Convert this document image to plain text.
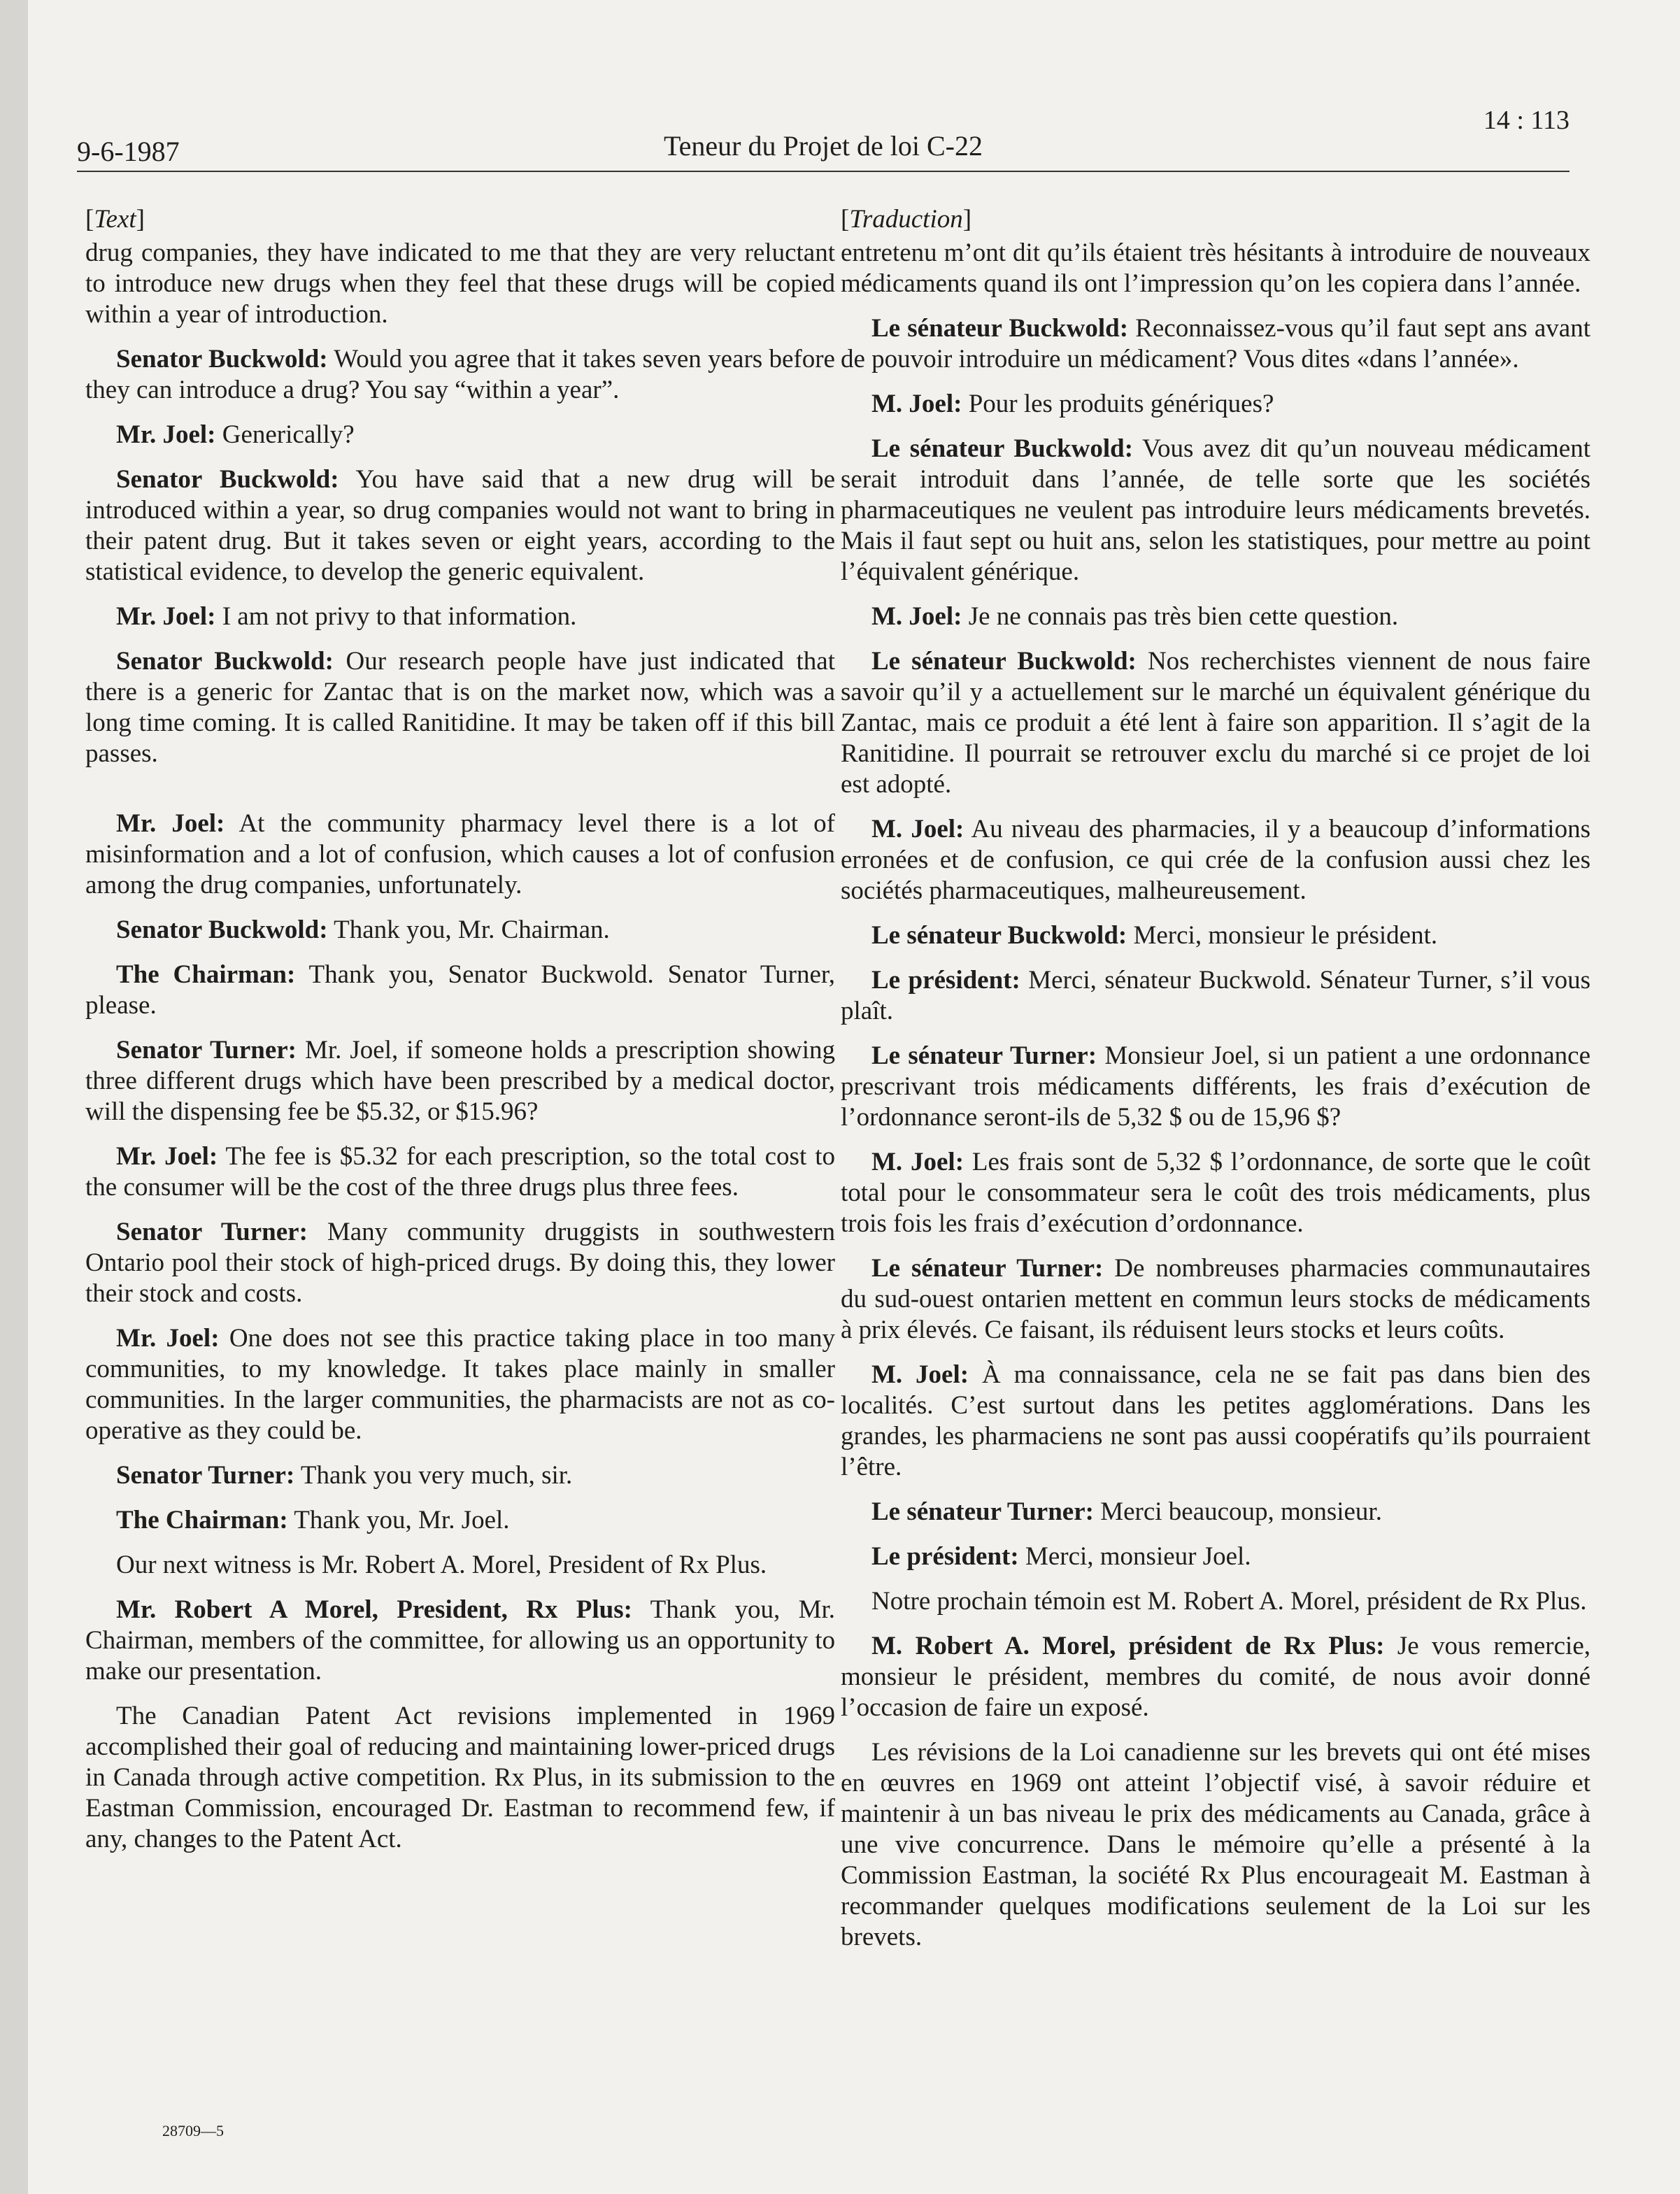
9-6-1987	Teneur du Projet de loi C-22
14 : 113
[Text]

drug companies, they have indicated to me that they are very reluctant to introduce new drugs when they feel that these drugs will be copied within a year of introduction.

Senator Buckwold: Would you agree that it takes seven years before they can introduce a drug? You say “within a year”.

Mr. Joel: Generically?

Senator Buckwold: You have said that a new drug will be introduced within a year, so drug companies would not want to bring in their patent drug. But it takes seven or eight years, according to the statistical evidence, to develop the generic equivalent.

Mr. Joel: I am not privy to that information.

Senator Buckwold: Our research people have just indicated that there is a generic for Zantac that is on the market now, which was a long time coming. It is called Ranitidine. It may be taken off if this bill passes.

Mr. Joel: At the community pharmacy level there is a lot of misinformation and a lot of confusion, which causes a lot of confusion among the drug companies, unfortunately.

Senator Buckwold: Thank you, Mr. Chairman.

The Chairman: Thank you, Senator Buckwold. Senator Turner, please.

Senator Turner: Mr. Joel, if someone holds a prescription showing three different drugs which have been prescribed by a medical doctor, will the dispensing fee be $5.32, or $15.96?

Mr. Joel: The fee is $5.32 for each prescription, so the total cost to the consumer will be the cost of the three drugs plus three fees.

Senator Turner: Many community druggists in southwestern Ontario pool their stock of high-priced drugs. By doing this, they lower their stock and costs.

Mr. Joel: One does not see this practice taking place in too many communities, to my knowledge. It takes place mainly in smaller communities. In the larger communities, the pharmacists are not as co-operative as they could be.

Senator Turner: Thank you very much, sir.

The Chairman: Thank you, Mr. Joel.

Our next witness is Mr. Robert A. Morel, President of Rx Plus.

Mr. Robert A Morel, President, Rx Plus: Thank you, Mr. Chairman, members of the committee, for allowing us an opportunity to make our presentation.

The Canadian Patent Act revisions implemented in 1969 accomplished their goal of reducing and maintaining lower-priced drugs in Canada through active competition. Rx Plus, in its submission to the Eastman Commission, encouraged Dr. Eastman to recommend few, if any, changes to the Patent Act.

[Traduction]

entretenu m’ont dit qu’ils étaient très hésitants à introduire de nouveaux médicaments quand ils ont l’impression qu’on les copiera dans l’année.

Le sénateur Buckwold: Reconnaissez-vous qu’il faut sept ans avant de pouvoir introduire un médicament? Vous dites «dans l’année».

M. Joel: Pour les produits génériques?

Le sénateur Buckwold: Vous avez dit qu’un nouveau médicament serait introduit dans l’année, de telle sorte que les sociétés pharmaceutiques ne veulent pas introduire leurs médicaments brevetés. Mais il faut sept ou huit ans, selon les statistiques, pour mettre au point l’équivalent générique.

M. Joel: Je ne connais pas très bien cette question.

Le sénateur Buckwold: Nos recherchistes viennent de nous faire savoir qu’il y a actuellement sur le marché un équivalent générique du Zantac, mais ce produit a été lent à faire son apparition. Il s’agit de la Ranitidine. Il pourrait se retrouver exclu du marché si ce projet de loi est adopté.

M. Joel: Au niveau des pharmacies, il y a beaucoup d’informations erronées et de confusion, ce qui crée de la confusion aussi chez les sociétés pharmaceutiques, malheureusement.

Le sénateur Buckwold: Merci, monsieur le président.

Le président: Merci, sénateur Buckwold. Sénateur Turner, s’il vous plaît.

Le sénateur Turner: Monsieur Joel, si un patient a une ordonnance prescrivant trois médicaments différents, les frais d’exécution de l’ordonnance seront-ils de 5,32 $ ou de 15,96 $?

M. Joel: Les frais sont de 5,32 $ l’ordonnance, de sorte que le coût total pour le consommateur sera le coût des trois médicaments, plus trois fois les frais d’exécution d’ordonnance.

Le sénateur Turner: De nombreuses pharmacies communautaires du sud-ouest ontarien mettent en commun leurs stocks de médicaments à prix élevés. Ce faisant, ils réduisent leurs stocks et leurs coûts.

M. Joel: À ma connaissance, cela ne se fait pas dans bien des localités. C’est surtout dans les petites agglomérations. Dans les grandes, les pharmaciens ne sont pas aussi coopératifs qu’ils pourraient l’être.

Le sénateur Turner: Merci beaucoup, monsieur.

Le président: Merci, monsieur Joel.

Notre prochain témoin est M. Robert A. Morel, président de Rx Plus.

M. Robert A. Morel, président de Rx Plus: Je vous remercie, monsieur le président, membres du comité, de nous avoir donné l’occasion de faire un exposé.

Les révisions de la Loi canadienne sur les brevets qui ont été mises en œuvres en 1969 ont atteint l’objectif visé, à savoir réduire et maintenir à un bas niveau le prix des médicaments au Canada, grâce à une vive concurrence. Dans le mémoire qu’elle a présenté à la Commission Eastman, la société Rx Plus encourageait M. Eastman à recommander quelques modifications seulement de la Loi sur les brevets.

28709—5
